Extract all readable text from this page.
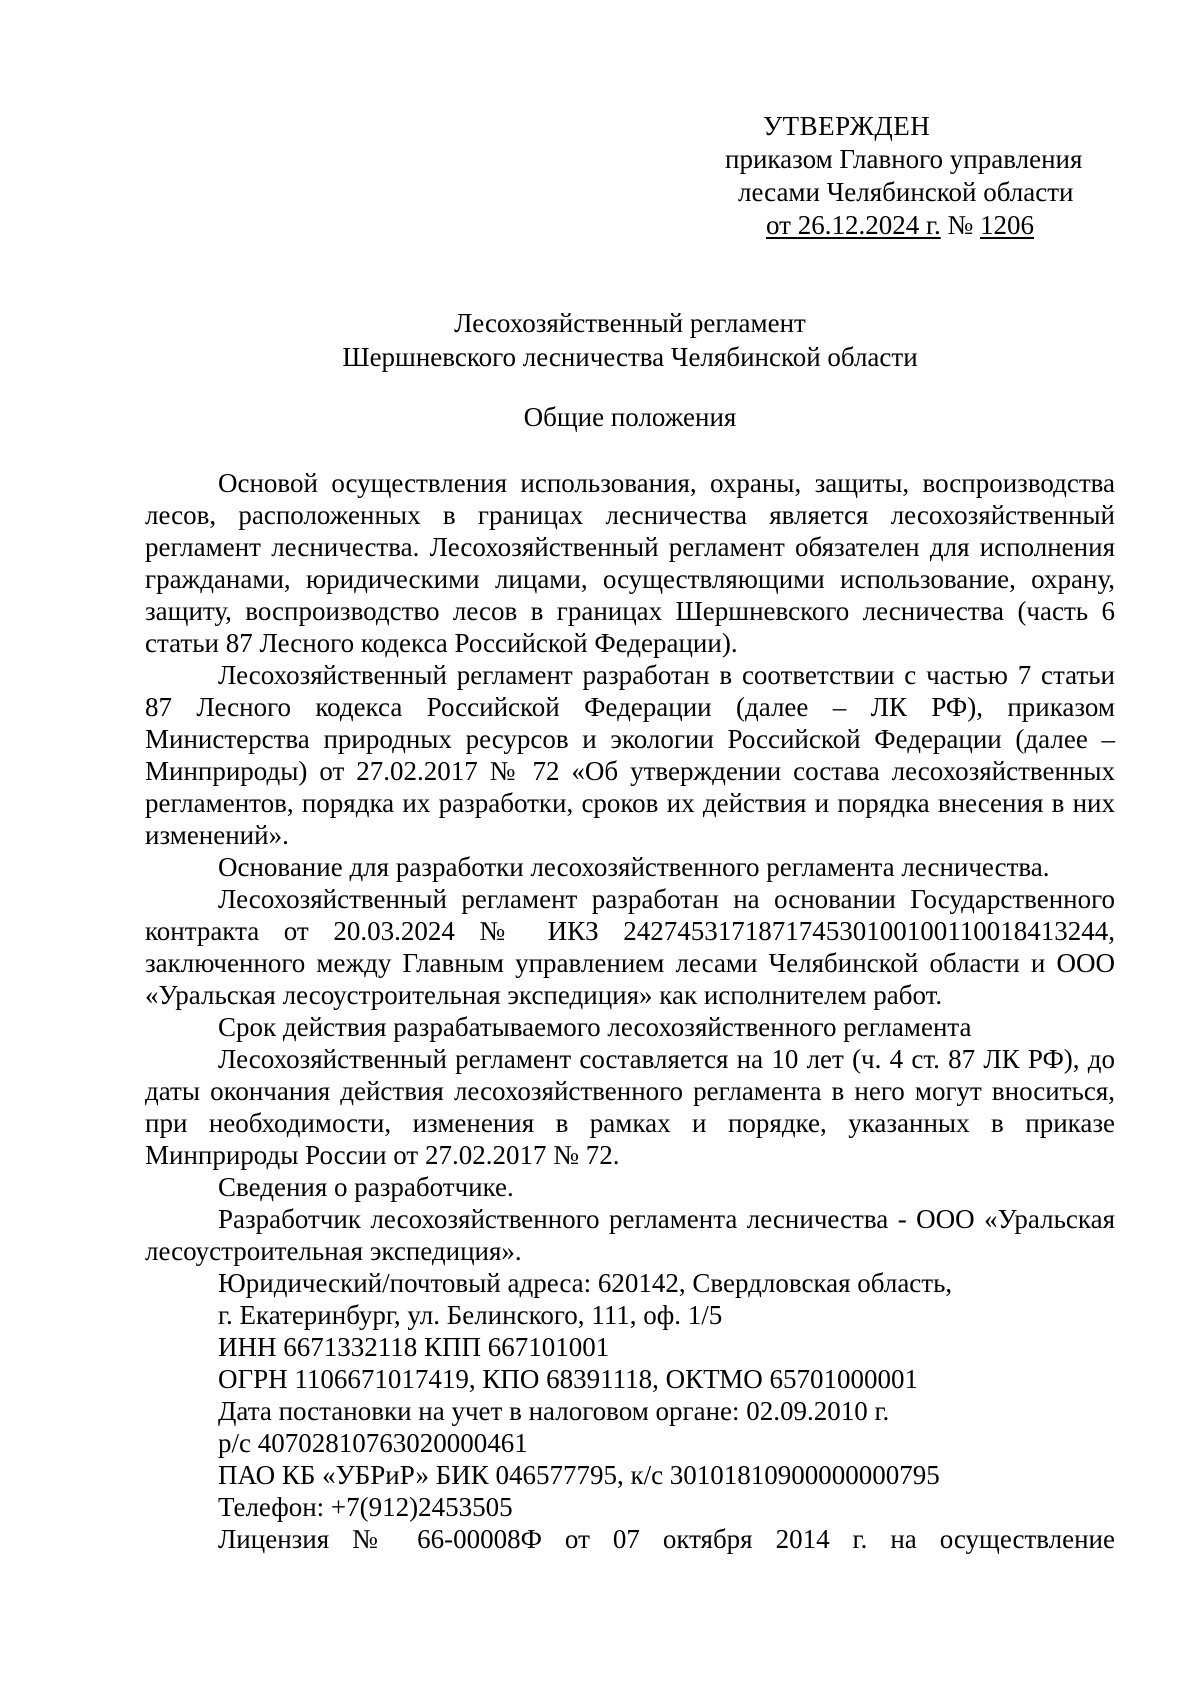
УТВЕРЖДЕН
приказом Главного управления
лесами Челябинской области
от 26.12.2024 г. № 1206
Лесохозяйственный регламент
Шершневского лесничества Челябинской области
Общие положения

Основой осуществления использования, охраны, защиты, воспроизводства лесов, расположенных в границах лесничества является лесохозяйственный регламент лесничества. Лесохозяйственный регламент обязателен для исполнения гражданами, юридическими лицами, осуществляющими использование, охрану, защиту, воспроизводство лесов в границах Шершневского лесничества (часть 6 статьи 87 Лесного кодекса Российской Федерации).

Лесохозяйственный регламент разработан в соответствии с частью 7 статьи 87 Лесного кодекса Российской Федерации (далее – ЛК РФ), приказом Министерства природных ресурсов и экологии Российской Федерации (далее – Минприроды) от 27.02.2017 № 72 «Об утверждении состава лесохозяйственных регламентов, порядка их разработки, сроков их действия и порядка внесения в них изменений».

Основание для разработки лесохозяйственного регламента лесничества.

Лесохозяйственный регламент разработан на основании Государственного контракта от 20.03.2024 № ИКЗ 242745317187174530100100110018413244, заключенного между Главным управлением лесами Челябинской области и ООО «Уральская лесоустроительная экспедиция» как исполнителем работ.

Срок действия разрабатываемого лесохозяйственного регламента

Лесохозяйственный регламент составляется на 10 лет (ч. 4 ст. 87 ЛК РФ), до даты окончания действия лесохозяйственного регламента в него могут вноситься, при необходимости, изменения в рамках и порядке, указанных в приказе Минприроды России от 27.02.2017 № 72.

Сведения о разработчике.

Разработчик лесохозяйственного регламента лесничества - ООО «Уральская лесоустроительная экспедиция».

Юридический/почтовый адреса: 620142, Свердловская область,
г. Екатеринбург, ул. Белинского, 111, оф. 1/5
ИНН 6671332118 КПП 667101001
ОГРН 1106671017419, КПО 68391118, ОКТМО 65701000001
Дата постановки на учет в налоговом органе: 02.09.2010 г.
р/с 40702810763020000461
ПАО КБ «УБРиР» БИК 046577795, к/с 30101810900000000795
Телефон: +7(912)2453505

Лицензия № 66-00008Ф от 07 октября 2014 г. на осуществление
